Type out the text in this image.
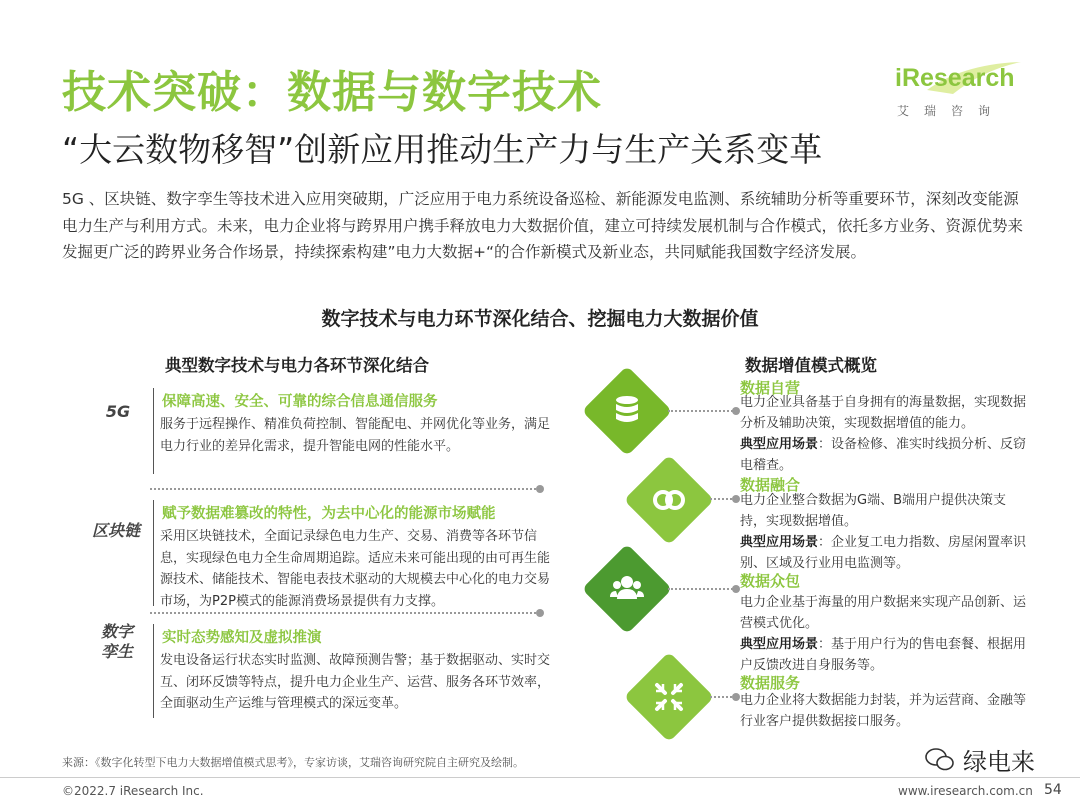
技术突破：数据与数字技术
“大云数物移智”创新应用推动生产力与生产关系变革
iResearch
艾瑞咨询
5G 、区块链、数字孪生等技术进入应用突破期，广泛应用于电力系统设备巡检、新能源发电监测、系统辅助分析等重要环节，深刻改变能源电力生产与利用方式。未来，电力企业将与跨界用户携手释放电力大数据价值，建立可持续发展机制与合作模式，依托多方业务、资源优势来发掘更广泛的跨界业务合作场景，持续探索构建”电力大数据+“的合作新模式及新业态，共同赋能我国数字经济发展。
数字技术与电力环节深化结合、挖掘电力大数据价值
典型数字技术与电力各环节深化结合
5G	保障高速、安全、可靠的综合信息通信服务
服务于远程操作、精准负荷控制、智能配电、并网优化等业务，满足电力行业的差异化需求，提升智能电网的性能水平。
区块链
赋予数据难篡改的特性，为去中心化的能源市场赋能
采用区块链技术，全面记录绿色电力生产、交易、消费等各环节信息，实现绿色电力全生命周期追踪。适应未来可能出现的由可再生能源技术、储能技术、智能电表技术驱动的大规模去中心化的电力交易市场，为P2P模式的能源消费场景提供有力支撑。
数字
孪生
实时态势感知及虚拟推演
发电设备运行状态实时监测、故障预测告警；基于数据驱动、实时交互、闭环反馈等特点，提升电力企业生产、运营、服务各环节效率，全面驱动生产运维与管理模式的深远变革。
数据增值模式概览
数据自营
电力企业具备基于自身拥有的海量数据，实现数据分析及辅助决策，实现数据增值的能力。
典型应用场景：设备检修、准实时线损分析、反窃电稽查。
数据融合
电力企业整合数据为G端、B端用户提供决策支持，实现数据增值。
典型应用场景：企业复工电力指数、房屋闲置率识别、区域及行业用电监测等。
数据众包
电力企业基于海量的用户数据来实现产品创新、运营模式优化。
典型应用场景：基于用户行为的售电套餐、根据用户反馈改进自身服务等。
数据服务
电力企业将大数据能力封装，并为运营商、金融等行业客户提供数据接口服务。
来源：《数字化转型下电力大数据增值模式思考》，专家访谈，艾瑞咨询研究院自主研究及绘制。	绿电来
©2022.7 iResearch Inc.	www.iresearch.com.cn 54
